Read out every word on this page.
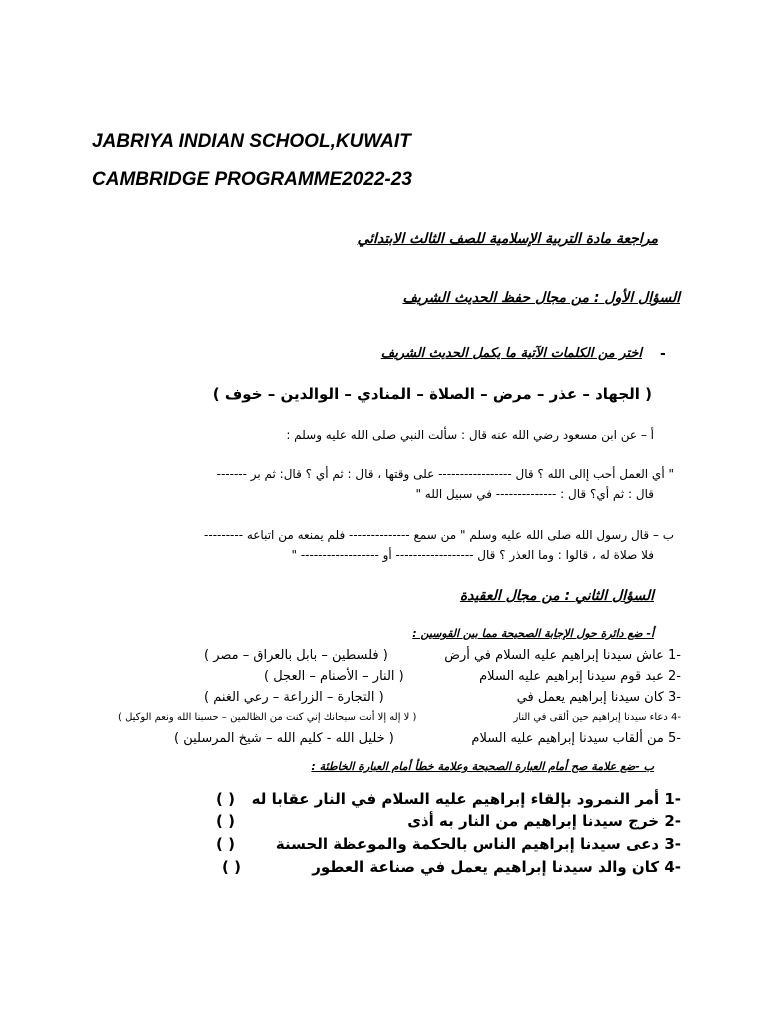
JABRIYA INDIAN SCHOOL,KUWAIT
CAMBRIDGE PROGRAMME2022-23
مراجعة مادة التربية الإسلامية للصف الثالث الابتدائي
السؤال الأول : من مجال حفظ الحديث الشريف
-
اختر من الكلمات الآتية ما يكمل الحديث الشريف
( الجهاد – عذر – مرض – الصلاة – المنادي – الوالدين – خوف )
أ – عن ابن مسعود رضي الله عنه قال : سألت النبي صلى الله عليه وسلم :
" أي العمل أحب إالى الله ؟ قال ----------------- على وقتها ، قال : ثم أي ؟ قال: ثم بر -------
قال : ثم أي؟ قال : -------------- في سبيل الله "
ب – قال رسول الله صلى الله عليه وسلم " من سمع -------------- فلم يمنعه من اتباعه ---------
فلا صلاة له ، قالوا : وما العذر ؟ قال ------------------ أو ------------------ "
السؤال الثاني : من مجال العقيدة
أ- ضع دائرة حول الإجابة الصحيحة مما بين القوسين :
-1 عاش سيدنا إبراهيم عليه السلام في أرض
( فلسطين – بابل بالعراق – مصر )
-2 عبد قوم سيدنا إبراهيم عليه السلام
( النار – الأصنام – العجل )
-3 كان سيدنا إبراهيم يعمل في
( التجارة – الزراعة – رعي الغنم )
-4 دعاء سيدنا إبراهيم حين ألقى في النار
( لا إله إلا أنت سبحانك إني كنت من الظالمين – حسبنا الله ونعم الوكيل )
-5 من ألقاب سيدنا إبراهيم عليه السلام
( خليل الله - كليم الله – شيخ المرسلين )
ب -ضع علامة صح أمام العبارة الصحيحة وعلامة خطأ أمام العبارة الخاطئة :
-1 أمر النمرود بإلقاء إبراهيم عليه السلام في النار عقابا له
( )
-2 خرج سيدنا إبراهيم من النار به أذى
( )
-3 دعى سيدنا إبراهيم الناس بالحكمة والموعظة الحسنة
( )
-4 كان والد سيدنا إبراهيم يعمل في صناعة العطور
( )
